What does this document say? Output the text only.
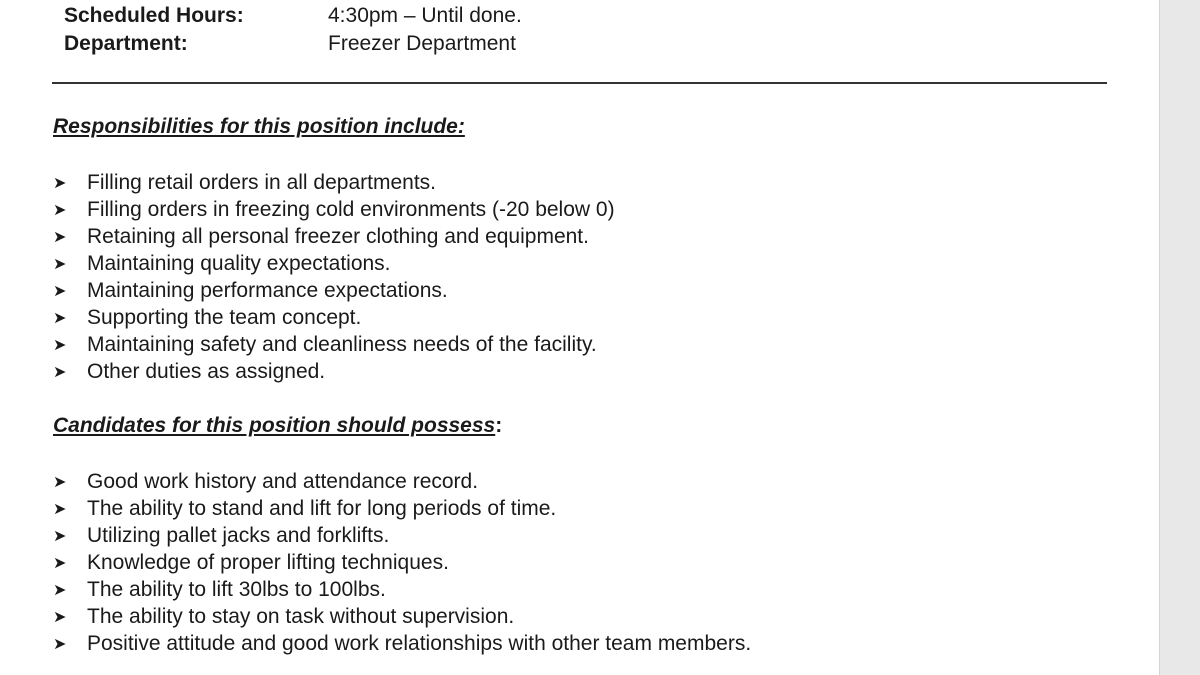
Scheduled Hours:	4:30pm – Until done.
Department:	Freezer Department
Responsibilities for this position include:
➤ Filling retail orders in all departments.
➤ Filling orders in freezing cold environments (-20 below 0)
➤ Retaining all personal freezer clothing and equipment.
➤ Maintaining quality expectations.
➤ Maintaining performance expectations.
➤ Supporting the team concept.
➤ Maintaining safety and cleanliness needs of the facility.
➤ Other duties as assigned.
Candidates for this position should possess:
➤ Good work history and attendance record.
➤ The ability to stand and lift for long periods of time.
➤ Utilizing pallet jacks and forklifts.
➤ Knowledge of proper lifting techniques.
➤ The ability to lift 30lbs to 100lbs.
➤ The ability to stay on task without supervision.
➤ Positive attitude and good work relationships with other team members.
